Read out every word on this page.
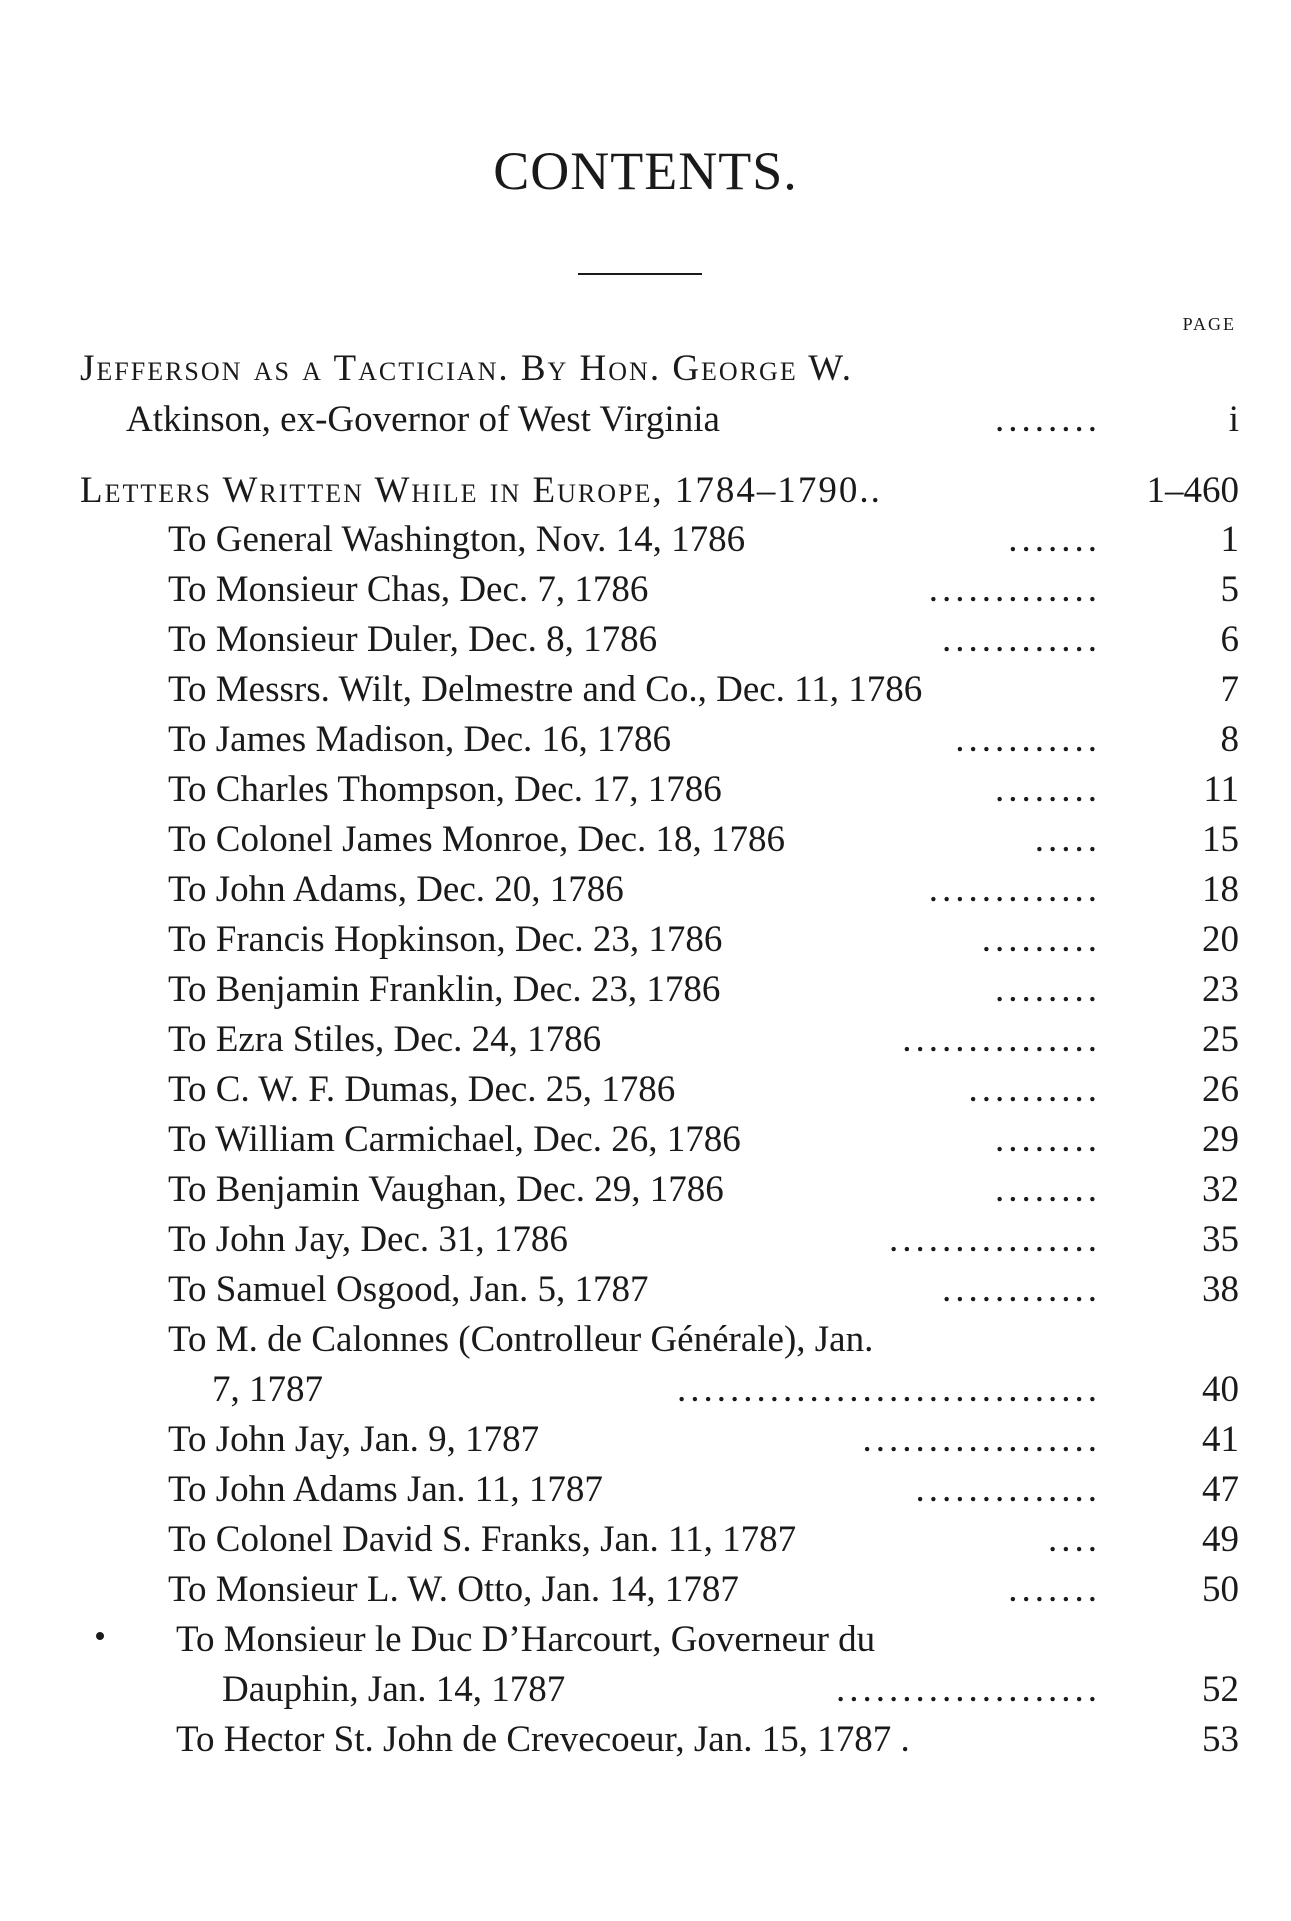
CONTENTS.
PAGE
Jefferson as a Tactician. By Hon. George W.
Atkinson, ex-Governor of West Virginia	........	i
Letters Written While in Europe, 1784–1790..	1–460
To General Washington, Nov. 14, 1786	.......	1
To Monsieur Chas, Dec. 7, 1786	.............	5
To Monsieur Duler, Dec. 8, 1786	............	6
To Messrs. Wilt, Delmestre and Co., Dec. 11, 1786	7
To James Madison, Dec. 16, 1786	...........	8
To Charles Thompson, Dec. 17, 1786	........	11
To Colonel James Monroe, Dec. 18, 1786	.....	15
To John Adams, Dec. 20, 1786	.............	18
To Francis Hopkinson, Dec. 23, 1786	.........	20
To Benjamin Franklin, Dec. 23, 1786	........	23
To Ezra Stiles, Dec. 24, 1786	...............	25
To C. W. F. Dumas, Dec. 25, 1786	..........	26
To William Carmichael, Dec. 26, 1786	........	29
To Benjamin Vaughan, Dec. 29, 1786	........	32
To John Jay, Dec. 31, 1786	................	35
To Samuel Osgood, Jan. 5, 1787	............	38
To M. de Calonnes (Controlleur Générale), Jan.
7, 1787	................................	40
To John Jay, Jan. 9, 1787	..................	41
To John Adams Jan. 11, 1787	..............	47
To Colonel David S. Franks, Jan. 11, 1787	....	49
To Monsieur L. W. Otto, Jan. 14, 1787	.......	50
To Monsieur le Duc D’Harcourt, Governeur du
Dauphin, Jan. 14, 1787	....................	52
To Hector St. John de Crevecoeur, Jan. 15, 1787 .	53
